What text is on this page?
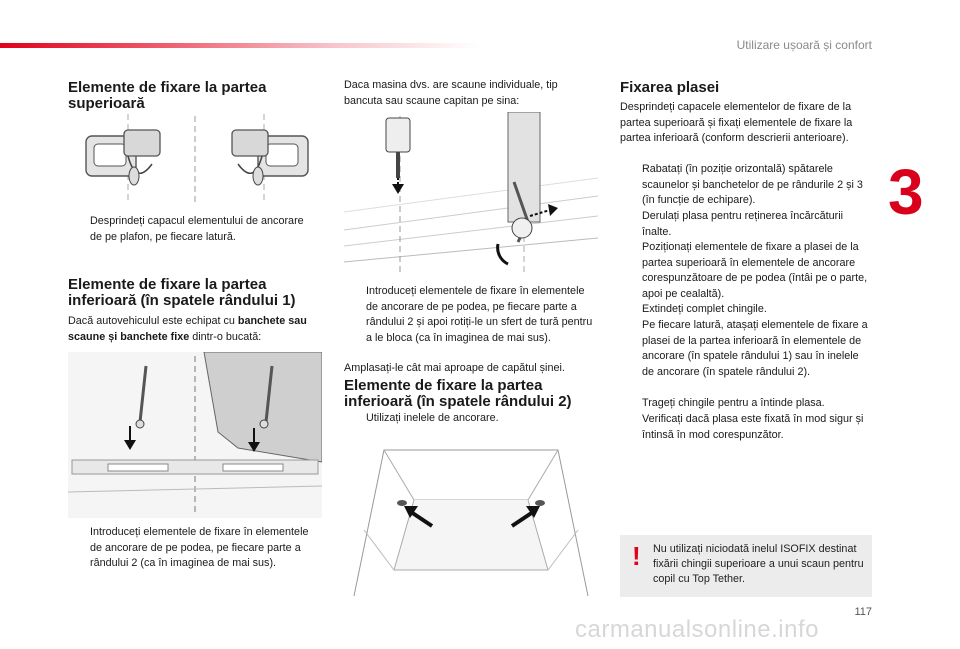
Utilizare ușoară și confort
3
Elemente de fixare la partea superioară
Desprindeți capacul elementului de ancorare de pe plafon, pe fiecare latură.
Elemente de fixare la partea inferioară (în spatele rândului 1)
Dacă autovehiculul este echipat cu banchete sau scaune și banchete fixe dintr-o bucată:
Introduceți elementele de fixare în elementele de ancorare de pe podea, pe fiecare parte a rândului 2 (ca în imaginea de mai sus).
Daca masina dvs. are scaune individuale, tip bancuta sau scaune capitan pe sina:
Introduceți elementele de fixare în elementele de ancorare de pe podea, pe fiecare parte a rândului 2 și apoi rotiți-le un sfert de tură pentru a le bloca (ca în imaginea de mai sus).
Amplasați-le cât mai aproape de capătul șinei.
Elemente de fixare la partea inferioară (în spatele rândului 2)
Utilizați inelele de ancorare.
Fixarea plasei
Desprindeți capacele elementelor de fixare de la partea superioară și fixați elementele de fixare la partea inferioară (conform descrierii anterioare).
Rabatați (în poziție orizontală) spătarele scaunelor și banchetelor de pe rândurile 2 și 3 (în funcție de echipare).
Derulați plasa pentru reținerea încărcăturii înalte.
Poziționați elementele de fixare a plasei de la partea superioară în elementele de ancorare corespunzătoare de pe podea (întâi pe o parte, apoi pe cealaltă).
Extindeți complet chingile.
Pe fiecare latură, atașați elementele de fixare a plasei de la partea inferioară în elementele de ancorare (în spatele rândului 1) sau în inelele de ancorare (în spatele rândului 2).
Trageți chingile pentru a întinde plasa.
Verificați dacă plasa este fixată în mod sigur și întinsă în mod corespunzător.
! Nu utilizați niciodată inelul ISOFIX destinat fixării chingii superioare a unui scaun pentru copil cu Top Tether.
117
carmanualsonline.info
